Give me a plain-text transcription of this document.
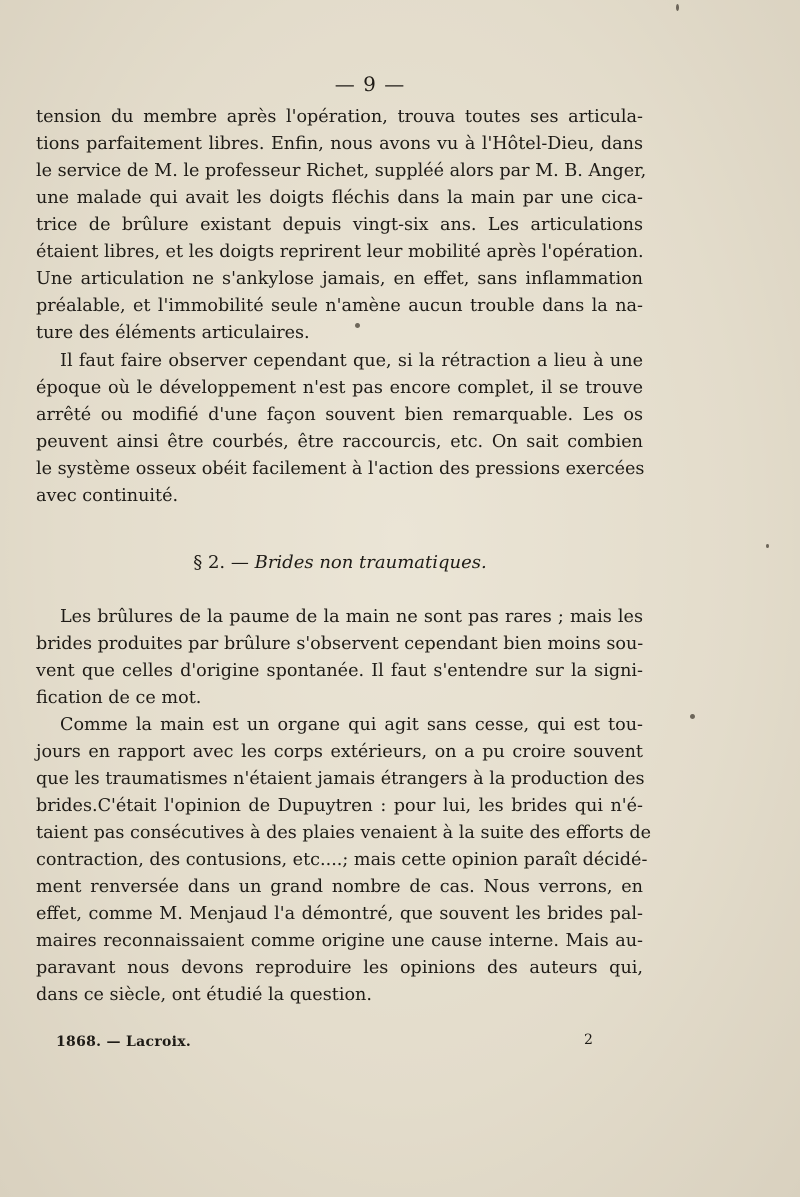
— 9 —
tension du membre après l'opération, trouva toutes ses articula-
tions parfaitement libres. Enfin, nous avons vu à l'Hôtel-Dieu, dans
le service de M. le professeur Richet, suppléé alors par M. B. Anger,
une malade qui avait les doigts fléchis dans la main par une cica-
trice de brûlure existant depuis vingt-six ans. Les articulations
étaient libres, et les doigts reprirent leur mobilité après l'opération.
Une articulation ne s'ankylose jamais, en effet, sans inflammation
préalable, et l'immobilité seule n'amène aucun trouble dans la na-
ture des éléments articulaires.
Il faut faire observer cependant que, si la rétraction a lieu à une
époque où le développement n'est pas encore complet, il se trouve
arrêté ou modifié d'une façon souvent bien remarquable. Les os
peuvent ainsi être courbés, être raccourcis, etc. On sait combien
le système osseux obéit facilement à l'action des pressions exercées
avec continuité.
§ 2. — Brides non traumatiques.
Les brûlures de la paume de la main ne sont pas rares ; mais les
brides produites par brûlure s'observent cependant bien moins sou-
vent que celles d'origine spontanée. Il faut s'entendre sur la signi-
fication de ce mot.
Comme la main est un organe qui agit sans cesse, qui est tou-
jours en rapport avec les corps extérieurs, on a pu croire souvent
que les traumatismes n'étaient jamais étrangers à la production des
brides.C'était l'opinion de Dupuytren : pour lui, les brides qui n'é-
taient pas consécutives à des plaies venaient à la suite des efforts de
contraction, des contusions, etc....; mais cette opinion paraît décidé-
ment renversée dans un grand nombre de cas. Nous verrons, en
effet, comme M. Menjaud l'a démontré, que souvent les brides pal-
maires reconnaissaient comme origine une cause interne. Mais au-
paravant nous devons reproduire les opinions des auteurs qui,
dans ce siècle, ont étudié la question.
1868. — Lacroix.	2
